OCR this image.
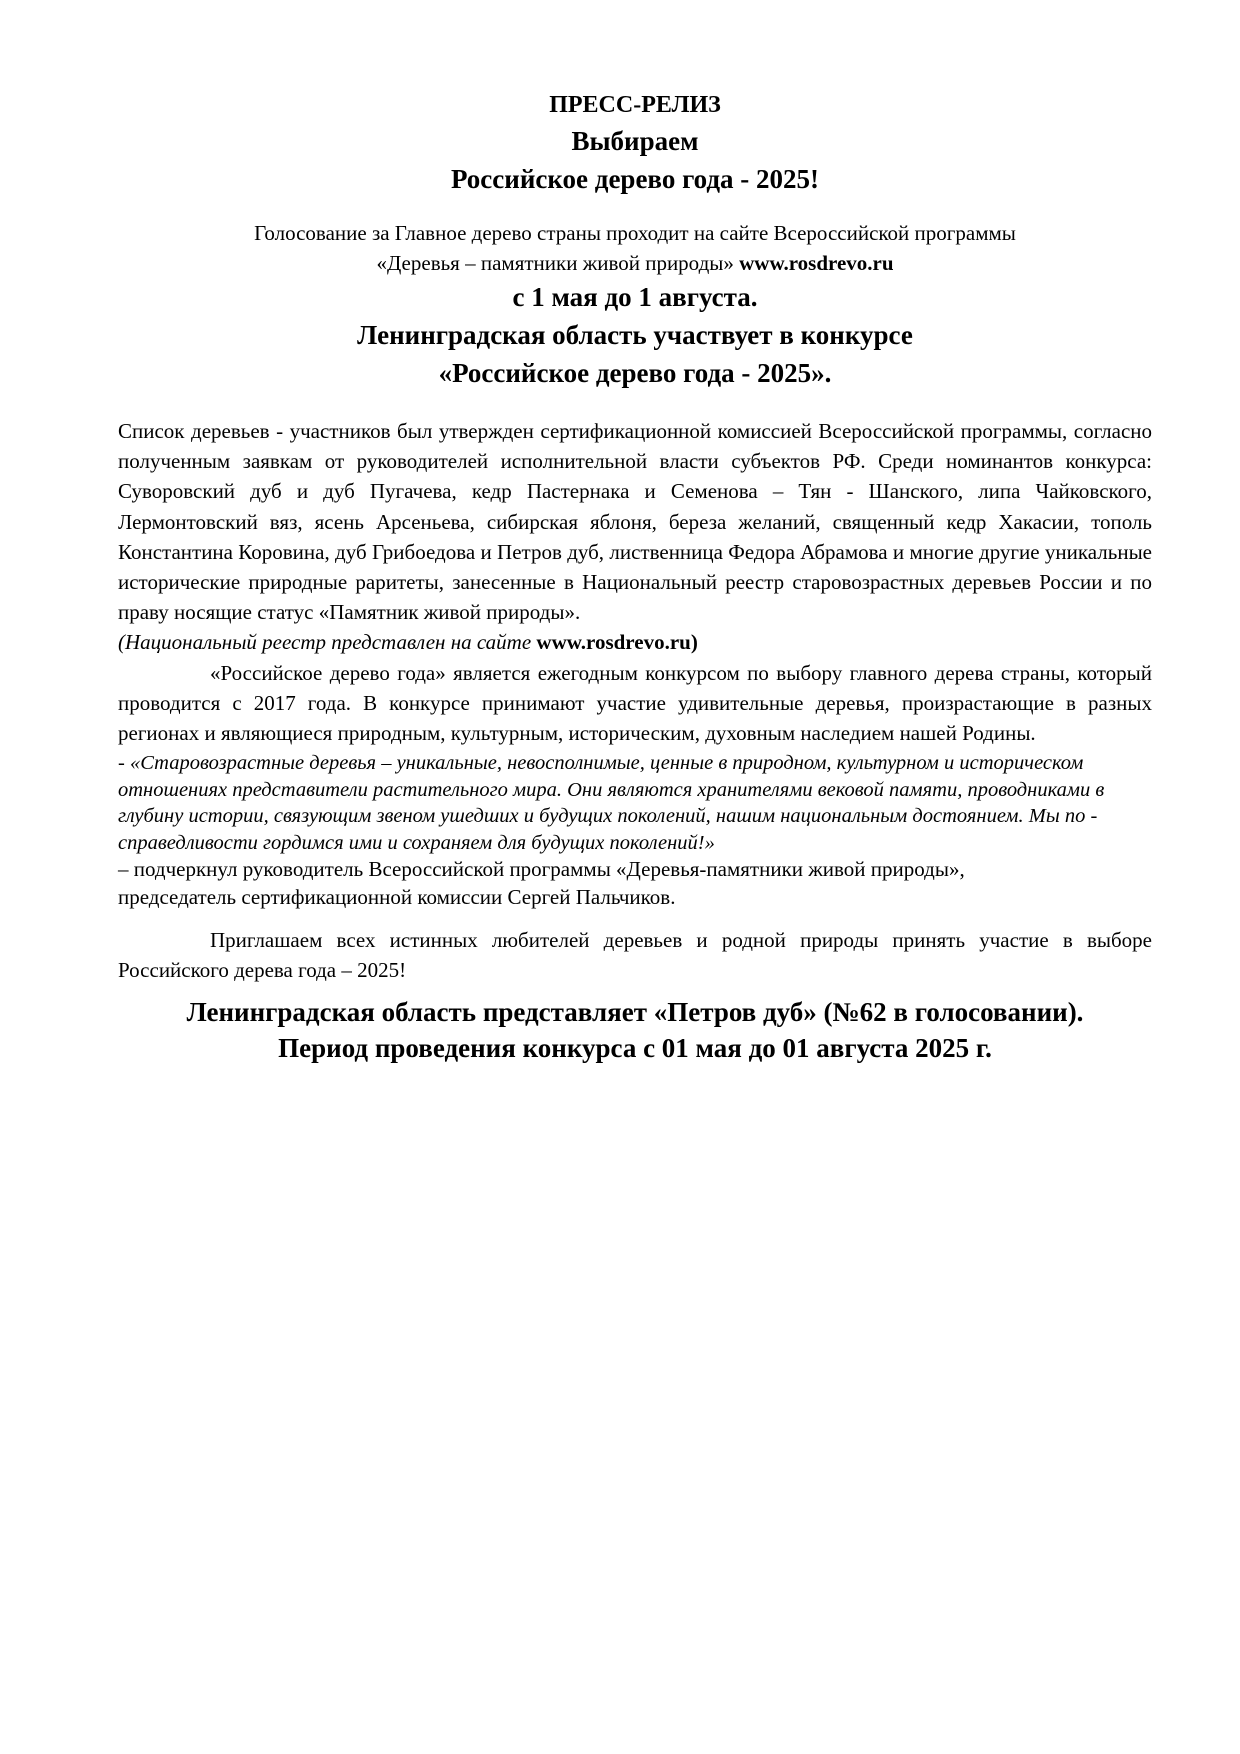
ПРЕСС-РЕЛИЗ
Выбираем
Российское дерево года - 2025!
Голосование за Главное дерево страны проходит на сайте Всероссийской программы
«Деревья – памятники живой природы» www.rosdrevo.ru
с 1 мая до 1 августа.
Ленинградская область участвует в конкурсе
«Российское дерево года - 2025».
Список деревьев - участников был утвержден сертификационной комиссией Всероссийской программы, согласно полученным заявкам от руководителей исполнительной власти субъектов РФ. Среди номинантов конкурса: Суворовский дуб и дуб Пугачева, кедр Пастернака и Семенова – Тян - Шанского, липа Чайковского, Лермонтовский вяз, ясень Арсеньева, сибирская яблоня, береза желаний, священный кедр Хакасии, тополь Константина Коровина, дуб Грибоедова и Петров дуб, лиственница Федора Абрамова и многие другие уникальные исторические природные раритеты, занесенные в Национальный реестр старовозрастных деревьев России и по праву носящие статус «Памятник живой природы».
(Национальный реестр представлен на сайте www.rosdrevo.ru)
«Российское дерево года» является ежегодным конкурсом по выбору главного дерева страны, который проводится с 2017 года. В конкурсе принимают участие удивительные деревья, произрастающие в разных регионах и являющиеся природным, культурным, историческим, духовным наследием нашей Родины.
- «Старовозрастные деревья – уникальные, невосполнимые, ценные в природном, культурном и историческом отношениях представители растительного мира. Они являются хранителями вековой памяти, проводниками в глубину истории, связующим звеном ушедших и будущих поколений, нашим национальным достоянием. Мы по - справедливости гордимся ими и сохраняем для будущих поколений!»
– подчеркнул руководитель Всероссийской программы «Деревья-памятники живой природы»,
председатель сертификационной комиссии Сергей Пальчиков.
Приглашаем всех истинных любителей деревьев и родной природы принять участие в выборе Российского дерева года – 2025!
Ленинградская область представляет «Петров дуб» (№62 в голосовании).
Период проведения конкурса с 01 мая до 01 августа 2025 г.
